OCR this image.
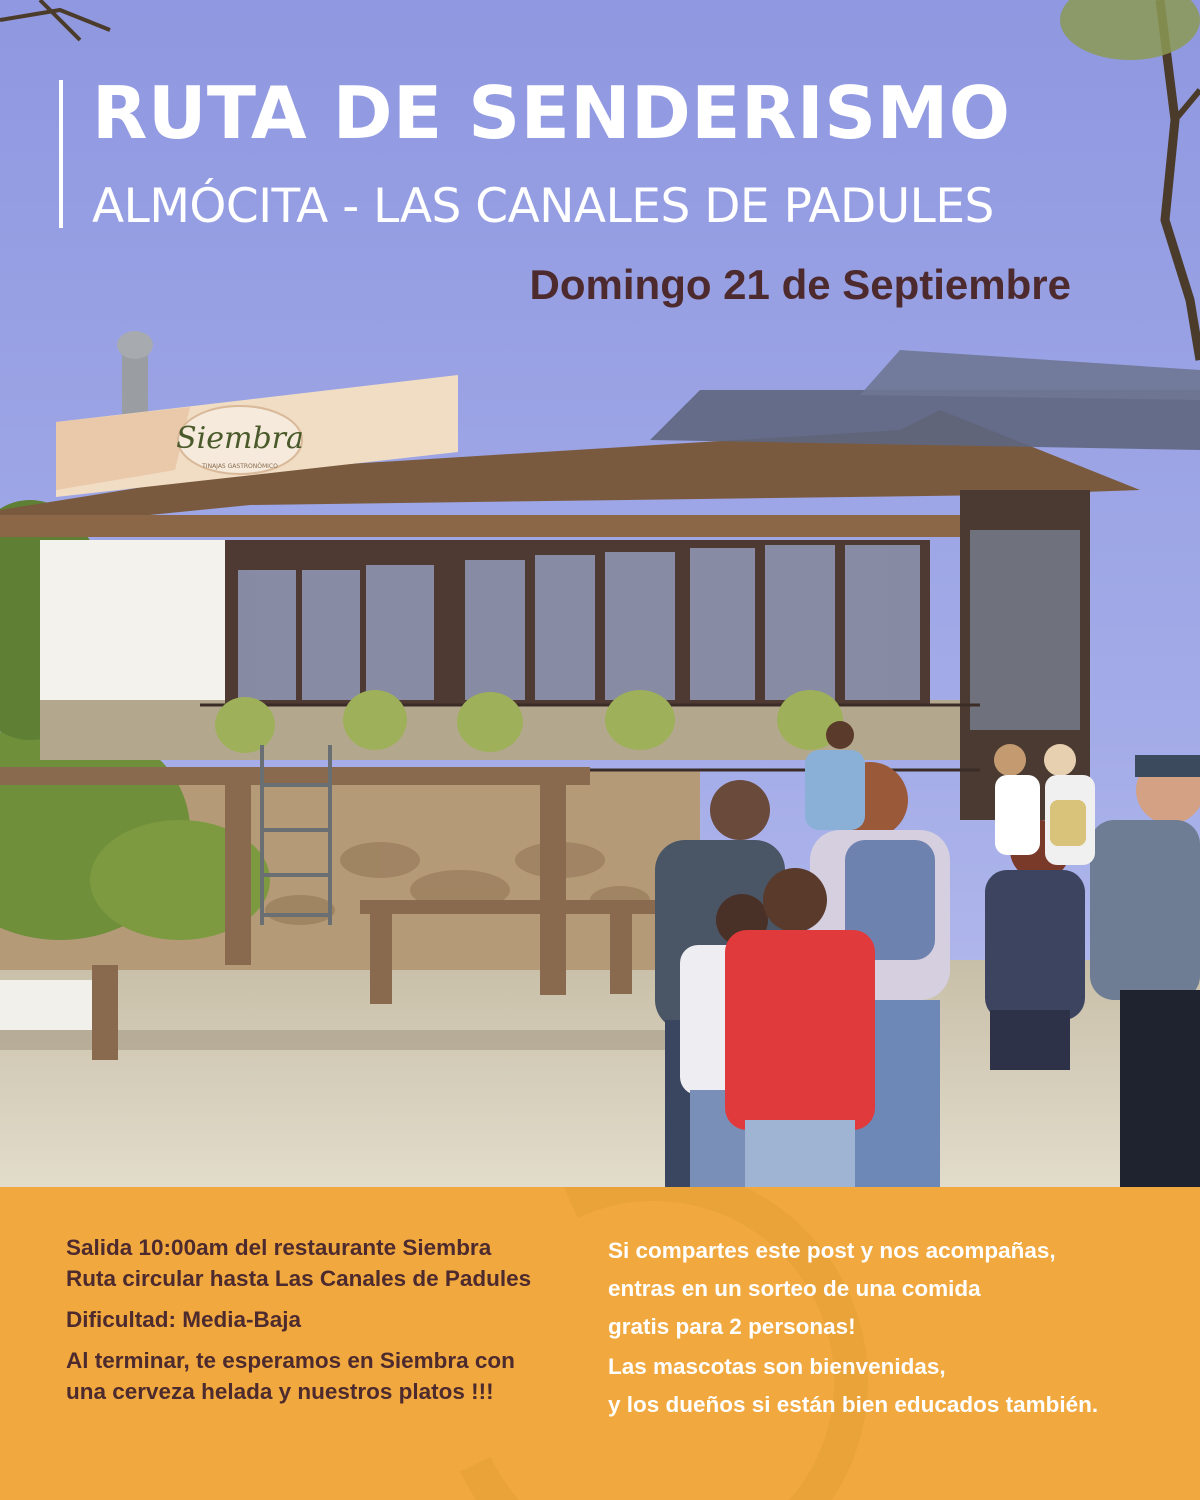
Siembra
TINAJAS GASTRONÓMICO
RUTA DE SENDERISMO
ALMÓCITA - LAS CANALES DE PADULES
Domingo 21 de Septiembre

Salida 10:00am del restaurante Siembra
Ruta circular hasta Las Canales de Padules

Dificultad: Media-Baja

Al terminar, te esperamos en Siembra con
una cerveza helada y nuestros platos !!!

Si compartes este post y nos acompañas,
entras en un sorteo de una comida
gratis para 2 personas!

Las mascotas son bienvenidas,
y los dueños si están bien educados también.
